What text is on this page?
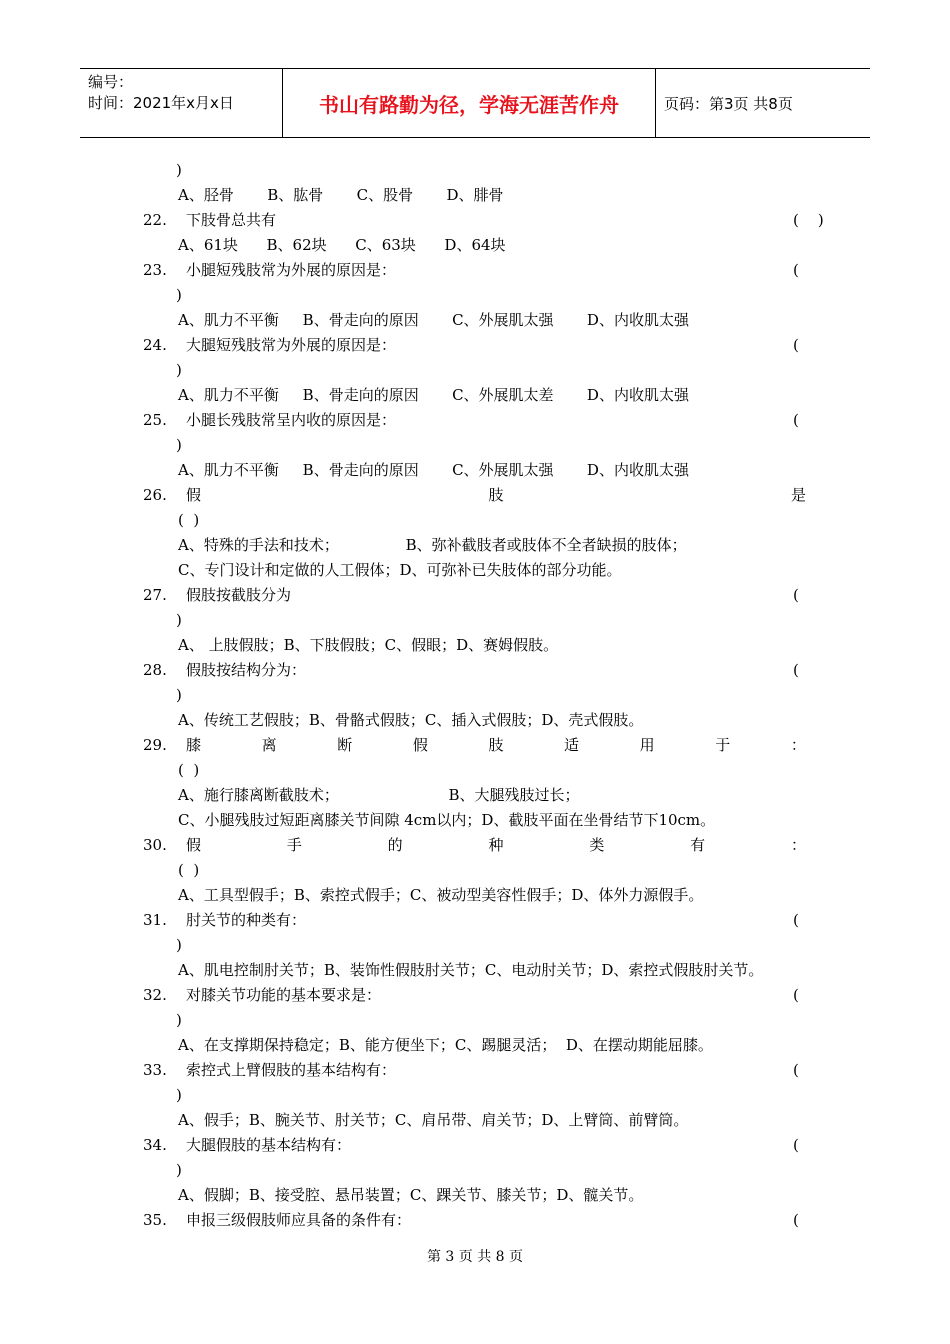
编号：
时间：2021年x月x日	书山有路勤为径，学海无涯苦作舟	页码：第3页 共8页
)
A、胫骨       B、肱骨       C、股骨       D、腓骨
22. 下肢骨总共有	(    )
A、61块      B、62块      C、63块      D、64块
23. 小腿短残肢常为外展的原因是：	(
)
A、肌力不平衡     B、骨走向的原因       C、外展肌太强       D、内收肌太强
24. 大腿短残肢常为外展的原因是：	(
)
A、肌力不平衡     B、骨走向的原因       C、外展肌太差       D、内收肌太强
25. 小腿长残肢常呈内收的原因是：	(
)
A、肌力不平衡     B、骨走向的原因       C、外展肌太强       D、内收肌太强
26. 假	肢	是
(  )
A、特殊的手法和技术；              B、弥补截肢者或肢体不全者缺损的肢体；
C、专门设计和定做的人工假体；D、可弥补已失肢体的部分功能。
27. 假肢按截肢分为	(
)
A、 上肢假肢；B、下肢假肢；C、假眼；D、赛姆假肢。
28. 假肢按结构分为：	(
)
A、传统工艺假肢；B、骨骼式假肢；C、插入式假肢；D、壳式假肢。
29. 膝	离	断	假	肢	适	用	于	：
(  )
A、施行膝离断截肢术；                       B、大腿残肢过长；
C、小腿残肢过短距离膝关节间隙 4cm以内；D、截肢平面在坐骨结节下10cm。
30. 假	手	的	种	类	有	：
(  )
A、工具型假手；B、索控式假手；C、被动型美容性假手；D、体外力源假手。
31. 肘关节的种类有：	(
)
A、肌电控制肘关节；B、装饰性假肢肘关节；C、电动肘关节；D、索控式假肢肘关节。
32. 对膝关节功能的基本要求是：	(
)
A、在支撑期保持稳定；B、能方便坐下；C、踢腿灵活；  D、在摆动期能屈膝。
33. 索控式上臂假肢的基本结构有：	(
)
A、假手；B、腕关节、肘关节；C、肩吊带、肩关节；D、上臂筒、前臂筒。
34. 大腿假肢的基本结构有：	(
)
A、假脚；B、接受腔、悬吊装置；C、踝关节、膝关节；D、髋关节。
35. 申报三级假肢师应具备的条件有：	(
第 3 页 共 8 页
